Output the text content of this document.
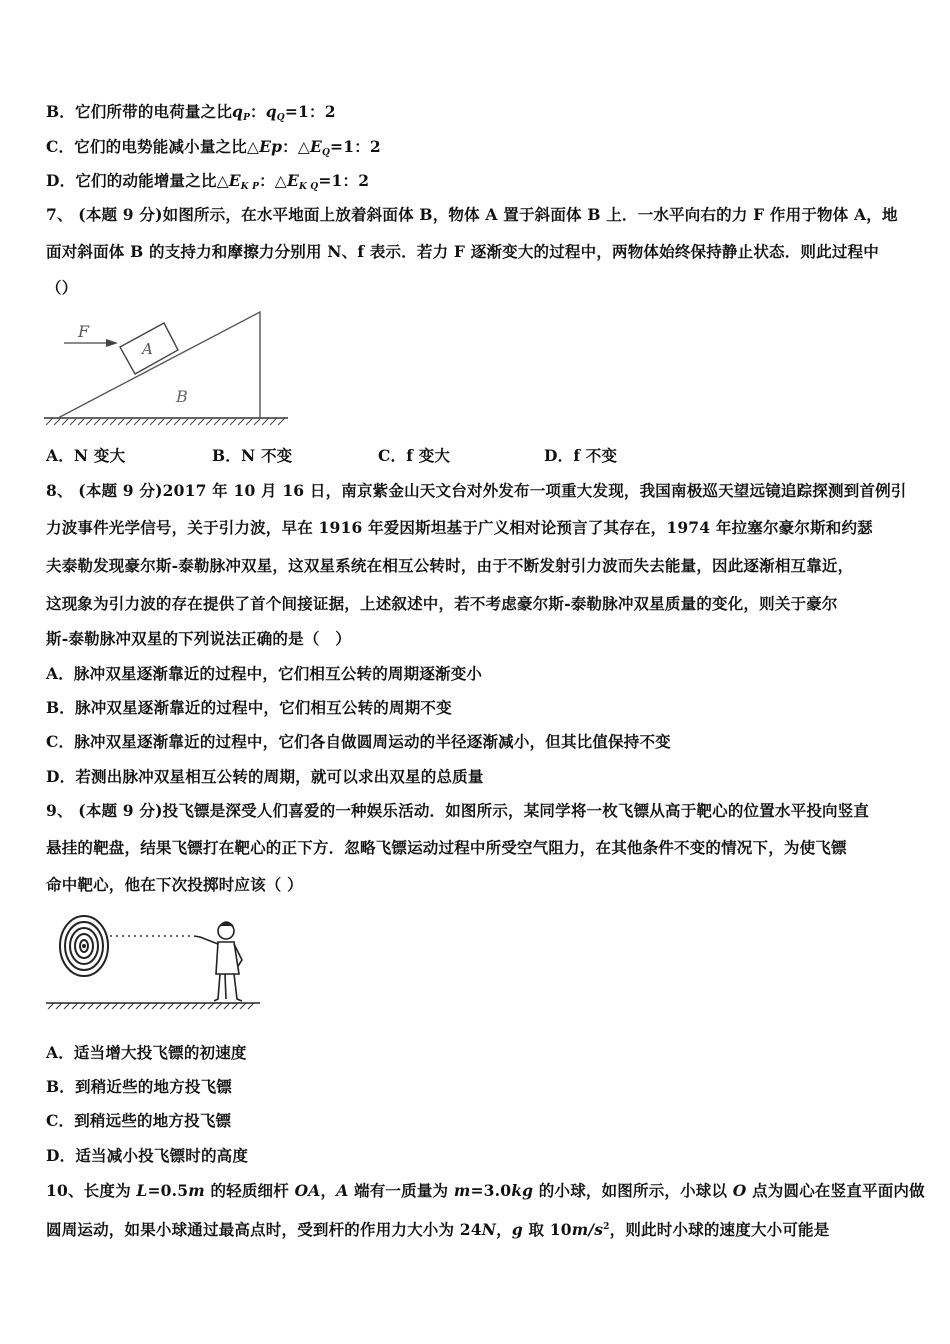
B．它们所带的电荷量之比$q_P$：$q_Q=1$：2
C．它们的电势能减小量之比△Ep：$\triangle E_Q=1$：2
D．它们的动能增量之比$\triangle E_{K P}$：$\triangle E_{K Q}=1$：2
7、 (本题 9 分)如图所示，在水平地面上放着斜面体 B，物体 A 置于斜面体 B 上．一水平向右的力 F 作用于物体 A，地
面对斜面体 B 的支持力和摩擦力分别用 N、f 表示．若力 F 逐渐变大的过程中，两物体始终保持静止状态．则此过程中
（）
A
F
B
A．N 变大	B．N 不变	C．f 变大	D．f 不变
8、 (本题 9 分)2017 年 10 月 16 日，南京紫金山天文台对外发布一项重大发现，我国南极巡天望远镜追踪探测到首例引
力波事件光学信号，关于引力波，早在 1916 年爱因斯坦基于广义相对论预言了其存在，1974 年拉塞尔豪尔斯和约瑟
夫泰勒发现豪尔斯-泰勒脉冲双星，这双星系统在相互公转时，由于不断发射引力波而失去能量，因此逐渐相互靠近，
这现象为引力波的存在提供了首个间接证据，上述叙述中，若不考虑豪尔斯-泰勒脉冲双星质量的变化，则关于豪尔
斯-泰勒脉冲双星的下列说法正确的是（　）
A．脉冲双星逐渐靠近的过程中，它们相互公转的周期逐渐变小
B．脉冲双星逐渐靠近的过程中，它们相互公转的周期不变
C．脉冲双星逐渐靠近的过程中，它们各自做圆周运动的半径逐渐减小，但其比值保持不变
D．若测出脉冲双星相互公转的周期，就可以求出双星的总质量
9、 (本题 9 分)投飞镖是深受人们喜爱的一种娱乐活动．如图所示，某同学将一枚飞镖从高于靶心的位置水平投向竖直
悬挂的靶盘，结果飞镖打在靶心的正下方．忽略飞镖运动过程中所受空气阻力，在其他条件不变的情况下，为使飞镖
命中靶心，他在下次投掷时应该（ ）
A．适当增大投飞镖的初速度
B．到稍近些的地方投飞镖
C．到稍远些的地方投飞镖
D．适当减小投飞镖时的高度
10、长度为 L=0.5m 的轻质细杆 OA，A 端有一质量为 m=3.0kg 的小球，如图所示，小球以 O 点为圆心在竖直平面内做
圆周运动，如果小球通过最高点时，受到杆的作用力大小为 24N，g 取 $10m/s^2$，则此时小球的速度大小可能是
